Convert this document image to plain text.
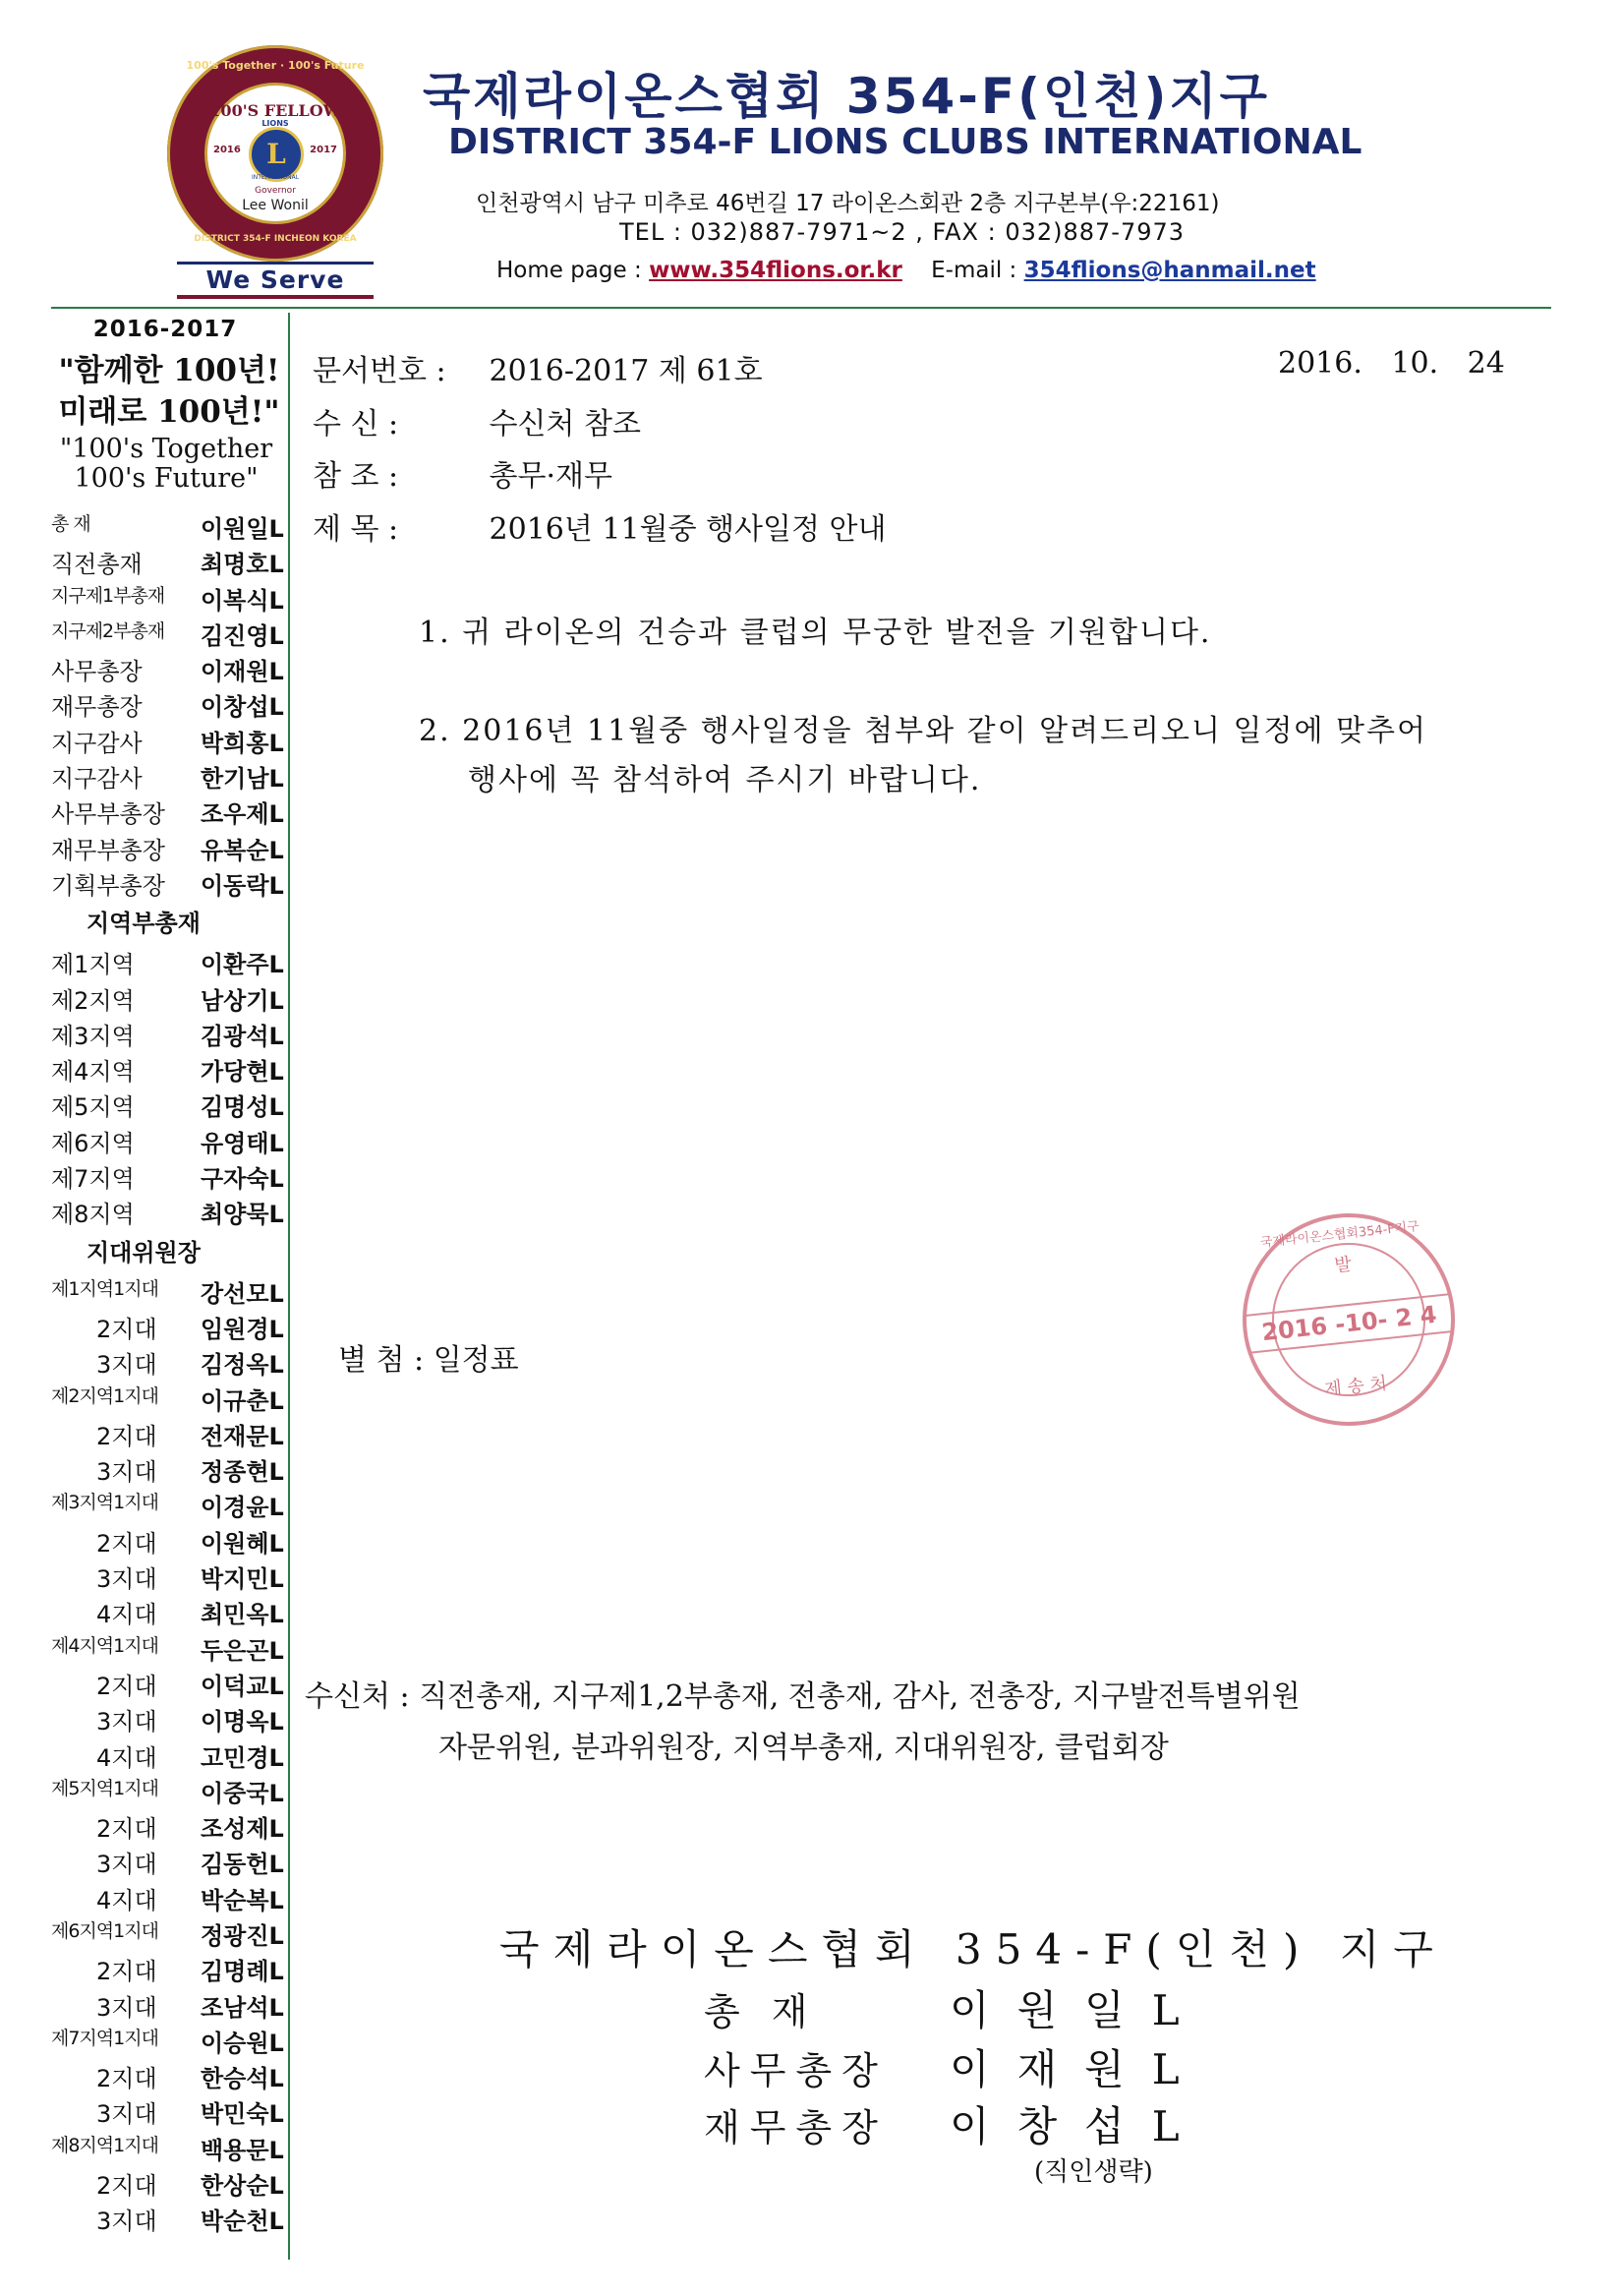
100's Together · 100's Future
DISTRICT 354-F INCHEON KOREA
100'S FELLOW
L
LIONS
INTERNATIONAL
2016	2017
Governor
Lee Wonil
We Serve
국제라이온스협회 354-F(인천)지구
DISTRICT 354-F LIONS CLUBS INTERNATIONAL
인천광역시 남구 미추로 46번길 17 라이온스회관 2층 지구본부(우:22161)
TEL : 032)887-7971~2 , FAX : 032)887-7973
Home page : www.354flions.or.kr E-mail : 354flions@hanmail.net
2016-2017
"함께한 100년!
미래로 100년!"
"100's Together
100's Future"
총 재	이원일L
직전총재 최명호L
지구제1부총재 이복식L
지구제2부총재 김진영L
사무총장 이재원L
재무총장 이창섭L
지구감사 박희홍L
지구감사 한기남L
사무부총장 조우제L
재무부총장 유복순L
기획부총장 이동락L
지역부총재
제1지역	이환주L
제2지역	남상기L
제3지역	김광석L
제4지역	가당현L
제5지역	김명성L
제6지역	유영태L
제7지역	구자숙L
제8지역	최양묵L
지대위원장
제1지역1지대 강선모L
2지대 임원경L
3지대 김정옥L
제2지역1지대 이규춘L
2지대 전재문L
3지대 정종현L
제3지역1지대 이경윤L
2지대 이원혜L
3지대 박지민L
4지대 최민옥L
제4지역1지대 두은곤L
2지대 이덕교L
3지대 이명옥L
4지대 고민경L
제5지역1지대 이중국L
2지대 조성제L
3지대 김동헌L
4지대 박순복L
제6지역1지대 정광진L
2지대 김명례L
3지대 조남석L
제7지역1지대 이승원L
2지대 한승석L
3지대 박민숙L
제8지역1지대 백용문L
2지대 한상순L
3지대 박순천L
문서번호 : 2016-2017 제 61호
수 신 :	수신처 참조
참 조 :	총무·재무
제 목 :	2016년 11월중 행사일정 안내
2016. 10. 24
1. 귀 라이온의 건승과 클럽의 무궁한 발전을 기원합니다.
2. 2016년 11월중 행사일정을 첨부와 같이 알려드리오니 일정에 맞추어
행사에 꼭 참석하여 주시기 바랍니다.
국제라이온스협회354-F지구
발
2016 -10- 2 4
제 송 처
별 첨 : 일정표
수신처 : 직전총재, 지구제1,2부총재, 전총재, 감사, 전총장, 지구발전특별위원
자문위원, 분과위원장, 지역부총재, 지대위원장, 클럽회장
국제라이온스협회 354-F(인천) 지구
총 재	이원일L
사무총장 이재원L
재무총장 이창섭L
(직인생략)
